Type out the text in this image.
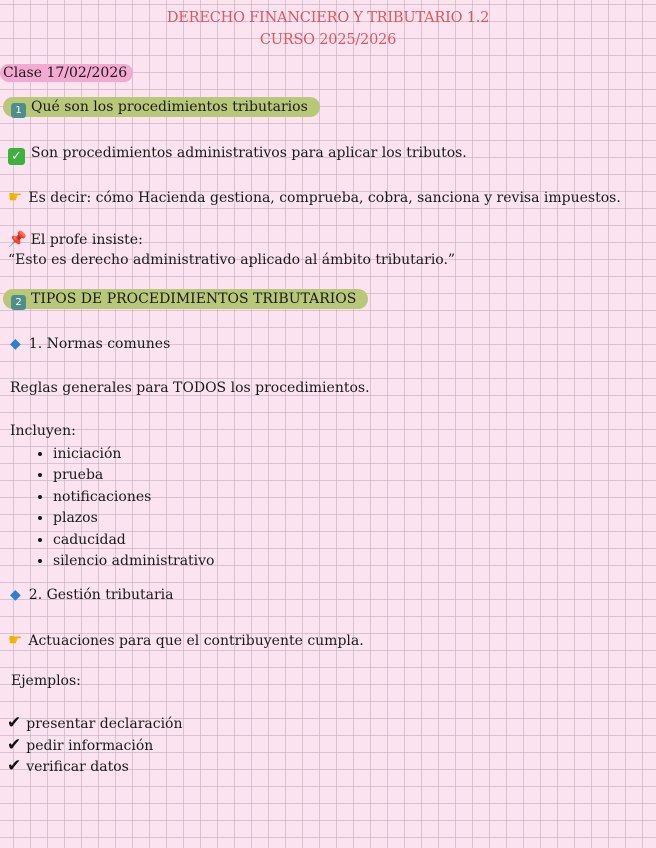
DERECHO FINANCIERO Y TRIBUTARIO 1.2
CURSO 2025/2026
Clase 17/02/2026
1 Qué son los procedimientos tributarios
✓ Son procedimientos administrativos para aplicar los tributos.
☛ Es decir: cómo Hacienda gestiona, comprueba, cobra, sanciona y revisa impuestos.
📌 El profe insiste:
“Esto es derecho administrativo aplicado al ámbito tributario.”
2 TIPOS DE PROCEDIMIENTOS TRIBUTARIOS
◆ 1. Normas comunes
Reglas generales para TODOS los procedimientos.
Incluyen:
• iniciación
• prueba
• notificaciones
• plazos
• caducidad
• silencio administrativo
◆ 2. Gestión tributaria
☛ Actuaciones para que el contribuyente cumpla.
Ejemplos:
✔ presentar declaración
✔ pedir información
✔ verificar datos
